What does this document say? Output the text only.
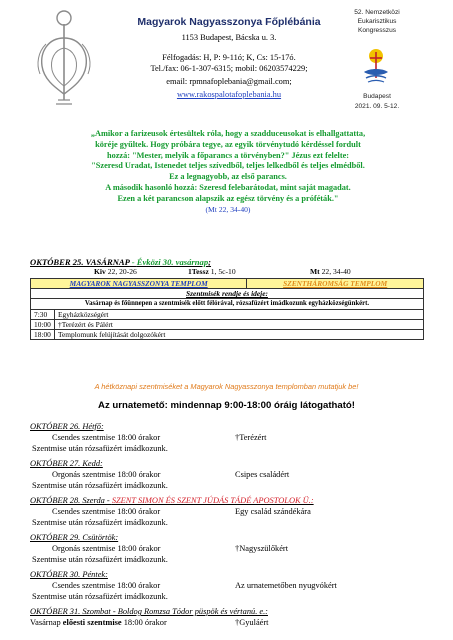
Magyarok Nagyasszonya Főplébánia
1153 Budapest, Bácska u. 3.
Félfogadás: H, P: 9-11ó; K, Cs: 15-17ó.
Tel./fax: 06-1-307-6315; mobil: 06203574229;
email: rpmnafoplebania@gmail.com;
www.rakospalotafoplebania.hu
52. Nemzetközi
Eukarisztikus
Kongresszus
Budapest
2021. 09. 5-12.

„Amikor a farizeusok értesültek róla, hogy a szadduceusokat is elhallgattatta,

köréje gyűltek. Hogy próbára tegye, az egyik törvénytudó kérdéssel fordult

hozzá: "Mester, melyik a főparancs a törvényben?" Jézus ezt felelte:

"Szeresd Uradat, Istenedet teljes szívedből, teljes lelkedből és teljes elmédből.

Ez a legnagyobb, az első parancs.

A második hasonló hozzá: Szeresd felebarátodat, mint saját magadat.

Ezen a két parancson alapszik az egész törvény és a próféták."

(Mt 22, 34-40)

OKTÓBER 25. VASÁRNAP - Évközi 30. vasárnap;
Kiv 22, 20-26	1Tessz 1, 5c-10	Mt 22, 34-40
MAGYAROK NAGYASSZONYA TEMPLOM		SZENTHÁROMSÁG TEMPLOM
Szentmisék rendje és ideje:		
Vasárnap és főünnepen a szentmisék előtt félórával, rózsafüzért imádkozunk egyházközségünkért.		
7:30	Egyházközségért	
10:00	†Terézért és Pálért	
18:00	Templomunk felújítását dolgozókért	
A hétköznapi szentmiséket a Magyarok Nagyasszonya templomban mutatjuk be!
Az urnatemető: mindennap 9:00-18:00 óráig látogatható!
OKTÓBER 26. Hétfő:
Csendes szentmise 18:00 órakor	†Terézért
Szentmise után rózsafüzért imádkozunk.
OKTÓBER 27. Kedd:
Orgonás szentmise 18:00 órakor	Csipes családért
Szentmise után rózsafüzért imádkozunk.
OKTÓBER 28. Szerda - SZENT SIMON ÉS SZENT JÚDÁS TÁDÉ APOSTOLOK Ü.:
Csendes szentmise 18:00 órakor	Egy család szándékára
Szentmise után rózsafüzért imádkozunk.
OKTÓBER 29. Csütörtök:
Orgonás szentmise 18:00 órakor	†Nagyszülőkért
Szentmise után rózsafüzért imádkozunk.
OKTÓBER 30. Péntek:
Csendes szentmise 18:00 órakor	Az urnatemetőben nyugvókért
Szentmise után rózsafüzért imádkozunk.
OKTÓBER 31. Szombat - Boldog Romzsa Tódor püspök és vértanú. e.:
Vasárnap előesti szentmise 18:00 órakor	†Gyuláért
